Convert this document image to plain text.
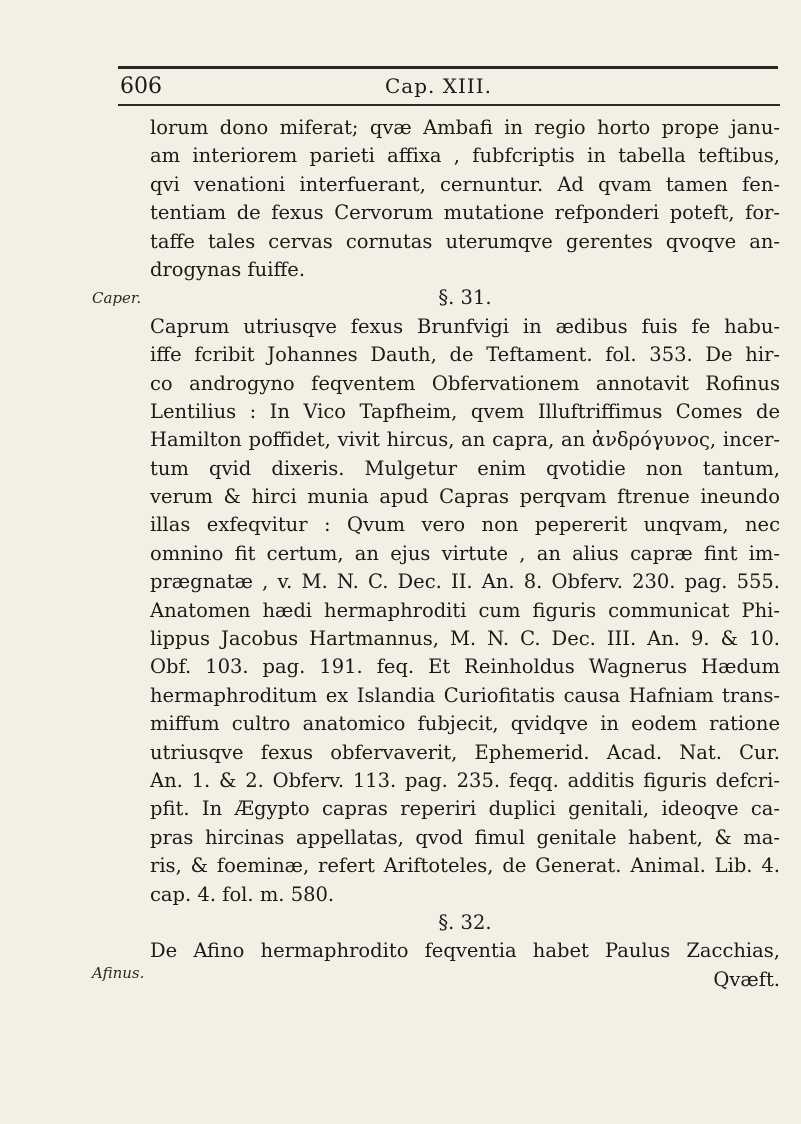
606	Cap. XIII.
Caper.
Afinus.
lorum dono miferat; qvæ Ambafi in regio horto prope janu-
am interiorem parieti affixa , fubfcriptis in tabella teftibus,
qvi venationi interfuerant, cernuntur. Ad qvam tamen fen-
tentiam de fexus Cervorum mutatione refponderi poteft, for-
taffe tales cervas cornutas uterumqve gerentes qvoqve an-
drogynas fuiffe.
§. 31.
Caprum utriusqve fexus Brunfvigi in ædibus fuis fe habu-
iffe fcribit Johannes Dauth, de Teftament. fol. 353. De hir-
co androgyno feqventem Obfervationem annotavit Rofinus
Lentilius : In Vico Tapfheim, qvem Illuftriffimus Comes de
Hamilton poffidet, vivit hircus, an capra, an ἀνδρόγυνος, incer-
tum qvid dixeris. Mulgetur enim qvotidie non tantum,
verum & hirci munia apud Capras perqvam ftrenue ineundo
illas exfeqvitur : Qvum vero non pepererit unqvam, nec
omnino fit certum, an ejus virtute , an alius capræ fint im-
prægnatæ , v. M. N. C. Dec. II. An. 8. Obferv. 230. pag. 555.
Anatomen hædi hermaphroditi cum figuris communicat Phi-
lippus Jacobus Hartmannus, M. N. C. Dec. III. An. 9. & 10.
Obf. 103. pag. 191. feq. Et Reinholdus Wagnerus Hædum
hermaphroditum ex Islandia Curiofitatis causa Hafniam trans-
miffum cultro anatomico fubjecit, qvidqve in eodem ratione
utriusqve fexus obfervaverit, Ephemerid. Acad. Nat. Cur.
An. 1. & 2. Obferv. 113. pag. 235. feqq. additis figuris defcri-
pfit. In Ægypto capras reperiri duplici genitali, ideoqve ca-
pras hircinas appellatas, qvod fimul genitale habent, & ma-
ris, & foeminæ, refert Ariftoteles, de Generat. Animal. Lib. 4.
cap. 4. fol. m. 580.
§. 32.
De Afino hermaphrodito feqventia habet Paulus Zacchias,
Qvæft.
